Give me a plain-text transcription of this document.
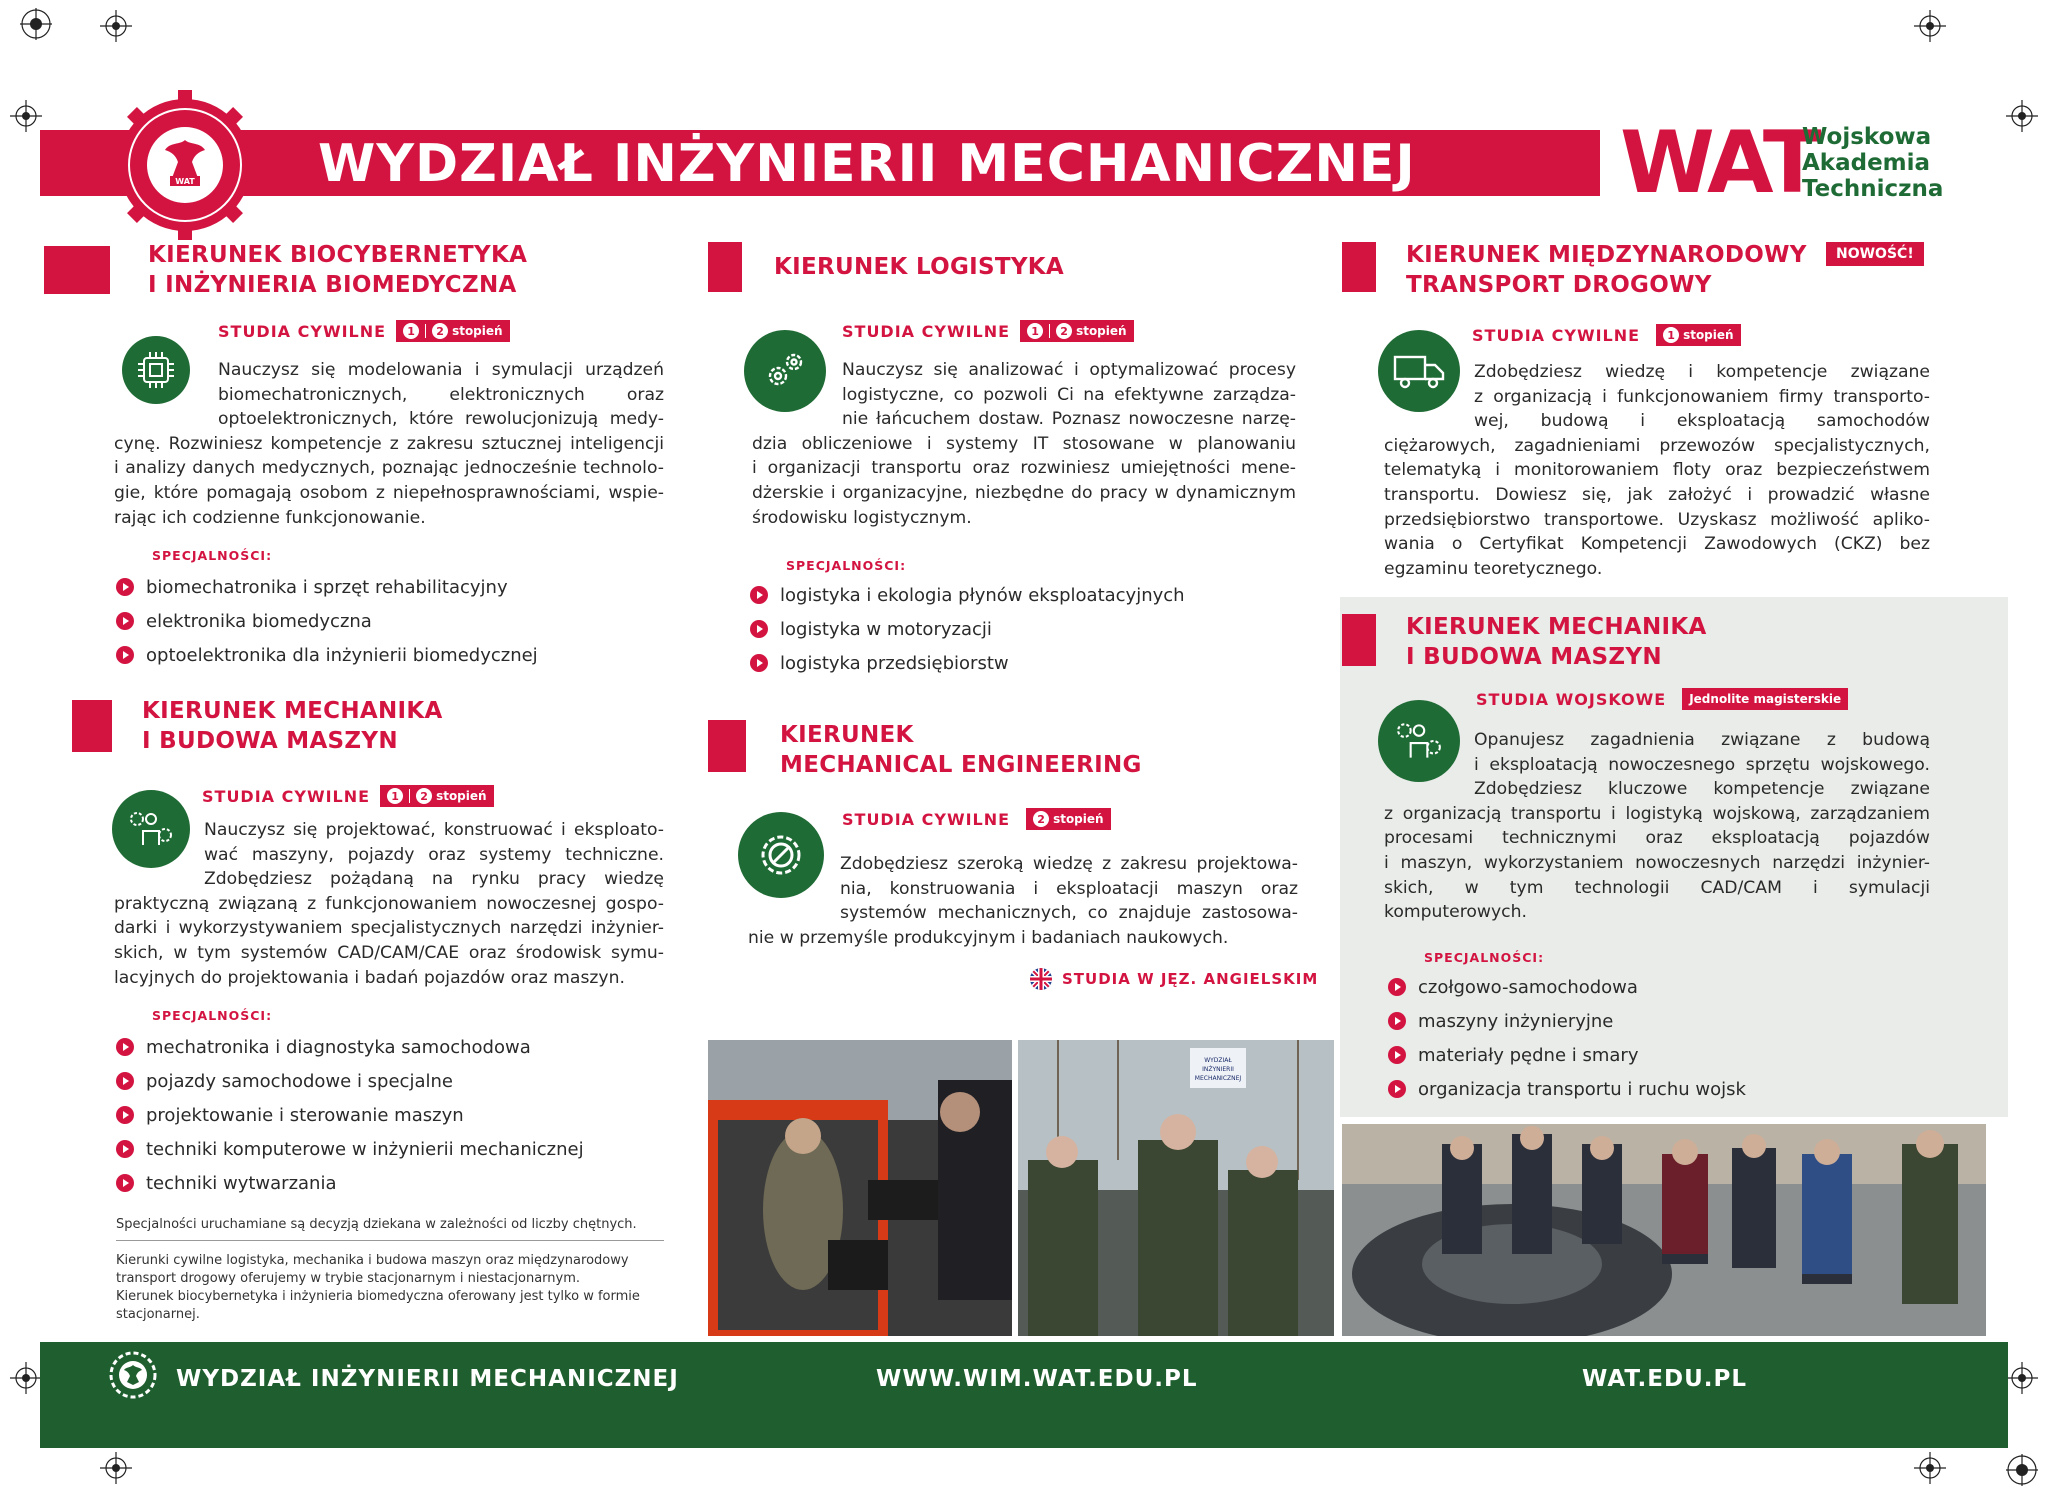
WYDZIAŁ INŻYNIERII MECHANICZNEJ
WAT	WAT
Wojskowa
Akademia
Techniczna
KIERUNEK BIOCYBERNETYKA
I INŻYNIERIA BIOMEDYCZNA
STUDIA CYWILNE	1	2 stopień
Nauczysz się modelowania i symulacji urządzeń
biomechatronicznych, elektronicznych oraz
optoelektronicznych, które rewolucjonizują medy-
cynę. Rozwiniesz kompetencje z zakresu sztucznej inteligencji
i analizy danych medycznych, poznając jednocześnie technolo-
gie, które pomagają osobom z niepełnosprawnościami, wspie-
rając ich codzienne funkcjonowanie.
SPECJALNOŚCI:
biomechatronika i sprzęt rehabilitacyjny
elektronika biomedyczna
optoelektronika dla inżynierii biomedycznej
KIERUNEK MECHANIKA
I BUDOWA MASZYN
STUDIA CYWILNE	1	2 stopień
Nauczysz się projektować, konstruować i eksploato-
wać maszyny, pojazdy oraz systemy techniczne.
Zdobędziesz pożądaną na rynku pracy wiedzę
praktyczną związaną z funkcjonowaniem nowoczesnej gospo-
darki i wykorzystywaniem specjalistycznych narzędzi inżynier-
skich, w tym systemów CAD/CAM/CAE oraz środowisk symu-
lacyjnych do projektowania i badań pojazdów oraz maszyn.
SPECJALNOŚCI:
mechatronika i diagnostyka samochodowa
pojazdy samochodowe i specjalne
projektowanie i sterowanie maszyn
techniki komputerowe w inżynierii mechanicznej
techniki wytwarzania
Specjalności uruchamiane są decyzją dziekana w zależności od liczby chętnych.
Kierunki cywilne logistyka, mechanika i budowa maszyn oraz międzynarodowy
transport drogowy oferujemy w trybie stacjonarnym i niestacjonarnym.
Kierunek biocybernetyka i inżynieria biomedyczna oferowany jest tylko w formie
stacjonarnej.
KIERUNEK LOGISTYKA
STUDIA CYWILNE	1	2 stopień
Nauczysz się analizować i optymalizować procesy
logistyczne, co pozwoli Ci na efektywne zarządza-
nie łańcuchem dostaw. Poznasz nowoczesne narzę-
dzia obliczeniowe i systemy IT stosowane w planowaniu
i organizacji transportu oraz rozwiniesz umiejętności mene-
dżerskie i organizacyjne, niezbędne do pracy w dynamicznym
środowisku logistycznym.
SPECJALNOŚCI:
logistyka i ekologia płynów eksploatacyjnych
logistyka w motoryzacji
logistyka przedsiębiorstw
KIERUNEK
MECHANICAL ENGINEERING
STUDIA CYWILNE	2 stopień
Zdobędziesz szeroką wiedzę z zakresu projektowa-
nia, konstruowania i eksploatacji maszyn oraz
systemów mechanicznych, co znajduje zastosowa-
nie w przemyśle produkcyjnym i badaniach naukowych.
STUDIA W JĘZ. ANGIELSKIM
WYDZIAŁ
INŻYNIERII
MECHANICZNEJ
KIERUNEK MIĘDZYNARODOWY
TRANSPORT DROGOWY
NOWOŚĆ!
STUDIA CYWILNE	1 stopień
Zdobędziesz wiedzę i kompetencje związane
z organizacją i funkcjonowaniem firmy transporto-
wej, budową i eksploatacją samochodów
ciężarowych, zagadnieniami przewozów specjalistycznych,
telematyką i monitorowaniem floty oraz bezpieczeństwem
transportu. Dowiesz się, jak założyć i prowadzić własne
przedsiębiorstwo transportowe. Uzyskasz możliwość apliko-
wania o Certyfikat Kompetencji Zawodowych (CKZ) bez
egzaminu teoretycznego.
KIERUNEK MECHANIKA
I BUDOWA MASZYN
STUDIA WOJSKOWE Jednolite magisterskie
Opanujesz zagadnienia związane z budową
i eksploatacją nowoczesnego sprzętu wojskowego.
Zdobędziesz kluczowe kompetencje związane
z organizacją transportu i logistyką wojskową, zarządzaniem
procesami technicznymi oraz eksploatacją pojazdów
i maszyn, wykorzystaniem nowoczesnych narzędzi inżynier-
skich, w tym technologii CAD/CAM i symulacji
komputerowych.
SPECJALNOŚCI:
czołgowo-samochodowa
maszyny inżynieryjne
materiały pędne i smary
organizacja transportu i ruchu wojsk
WYDZIAŁ INŻYNIERII MECHANICZNEJ	WWW.WIM.WAT.EDU.PL	WAT.EDU.PL
